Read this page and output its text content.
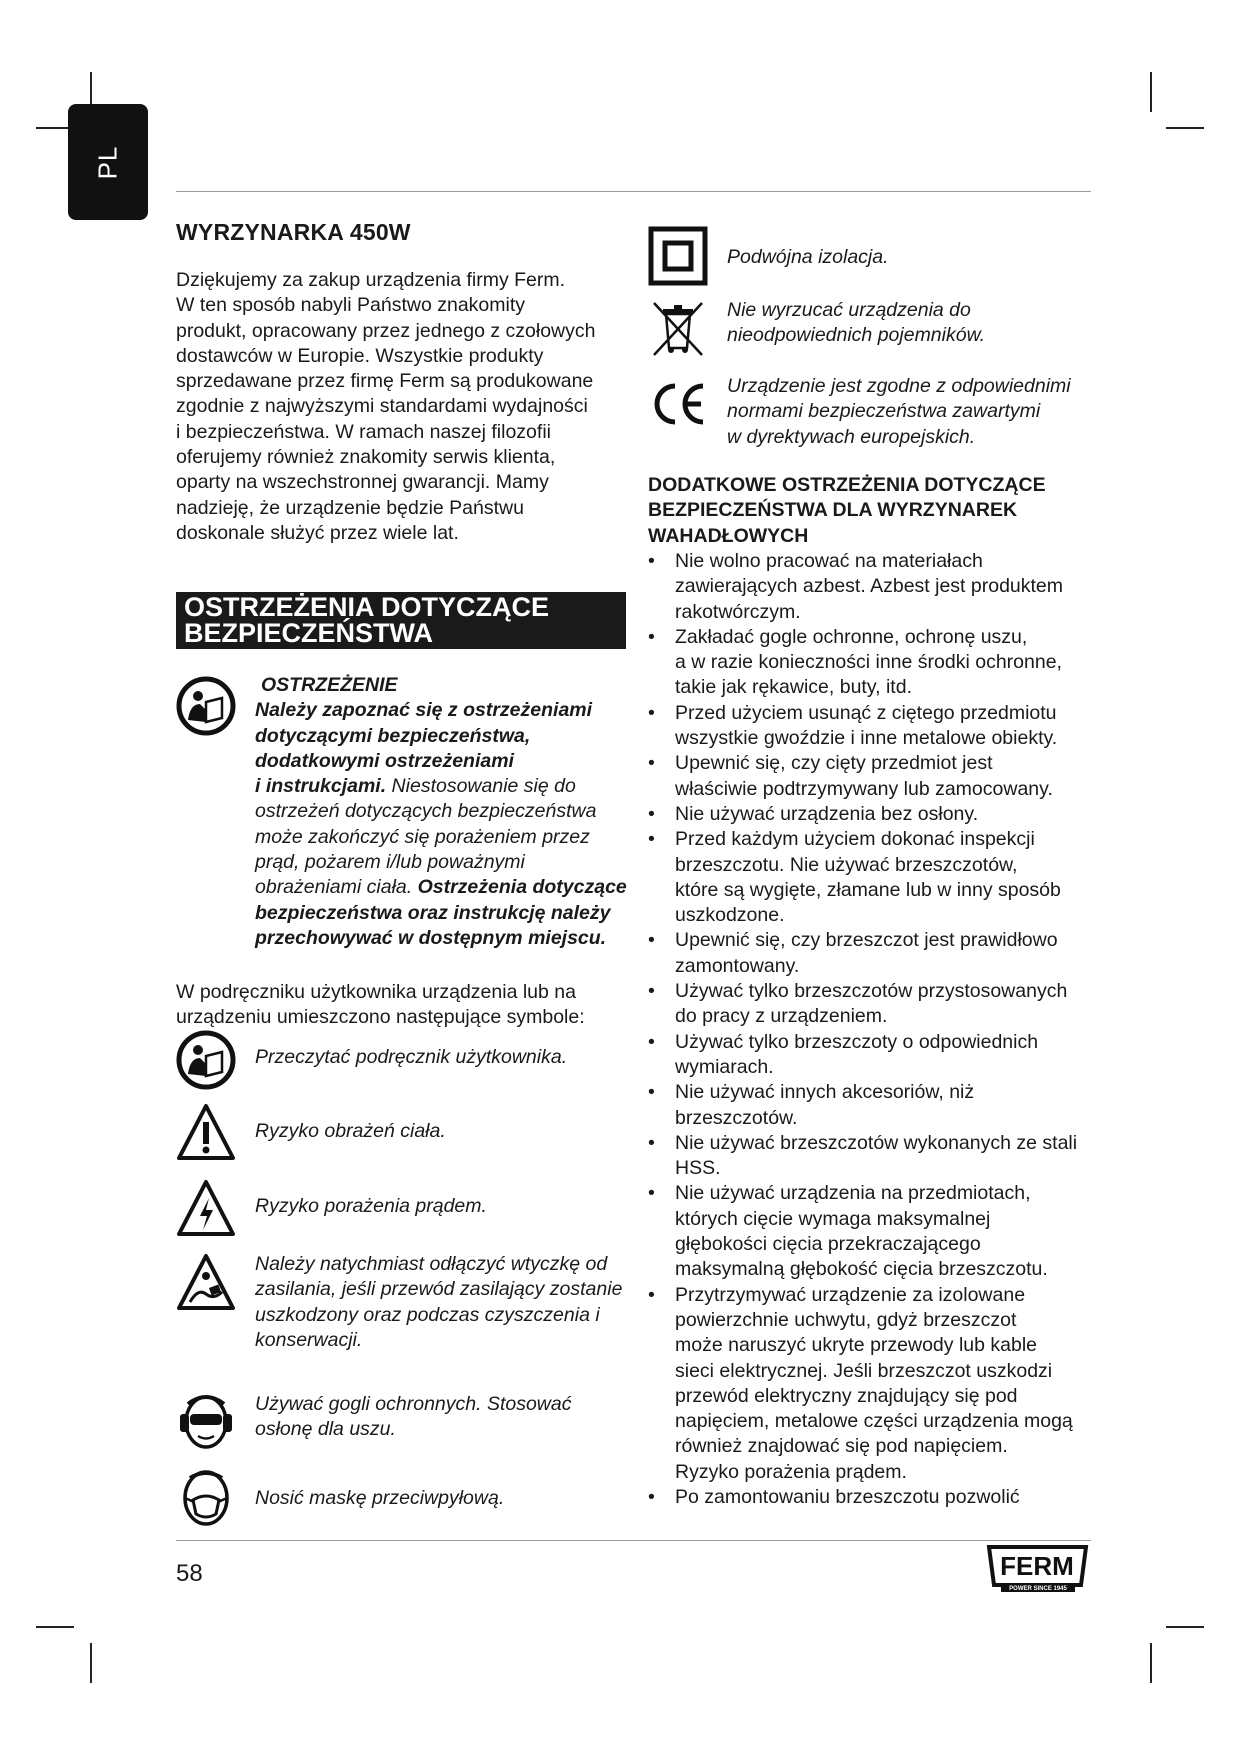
PL
WYRZYNARKA 450W

Dziękujemy za zakup urządzenia firmy Ferm.

W ten sposób nabyli Państwo znakomity

produkt, opracowany przez jednego z czołowych

dostawców w Europie. Wszystkie produkty

sprzedawane przez firmę Ferm są produkowane

zgodnie z najwyższymi standardami wydajności

i bezpieczeństwa. W ramach naszej filozofii

oferujemy również znakomity serwis klienta,

oparty na wszechstronnej gwarancji. Mamy

nadzieję, że urządzenie będzie Państwu

doskonale służyć przez wiele lat.

OSTRZEŻENIA DOTYCZĄCE
BEZPIECZEŃSTWA
OSTRZEŻENIE
Należy zapoznać się z ostrzeżeniami
dotyczącymi bezpieczeństwa,
dodatkowymi ostrzeżeniami
i instrukcjami. Niestosowanie się do
ostrzeżeń dotyczących bezpieczeństwa
może zakończyć się porażeniem przez
prąd, pożarem i/lub poważnymi
obrażeniami ciała. Ostrzeżenia dotyczące
bezpieczeństwa oraz instrukcję należy
przechowywać w dostępnym miejscu.
W podręczniku użytkownika urządzenia lub na
urządzeniu umieszczono następujące symbole:
Przeczytać podręcznik użytkownika.
Ryzyko obrażeń ciała.
Ryzyko porażenia prądem.
Należy natychmiast odłączyć wtyczkę od
zasilania, jeśli przewód zasilający zostanie
uszkodzony oraz podczas czyszczenia i
konserwacji.
Używać gogli ochronnych. Stosować
osłonę dla uszu.
Nosić maskę przeciwpyłową.
Podwójna izolacja.
Nie wyrzucać urządzenia do
nieodpowiednich pojemników.
Urządzenie jest zgodne z odpowiednimi
normami bezpieczeństwa zawartymi
w dyrektywach europejskich.
DODATKOWE OSTRZEŻENIA DOTYCZĄCE
BEZPIECZEŃSTWA DLA WYRZYNAREK
WAHADŁOWYCH
• Nie wolno pracować na materiałach
zawierających azbest. Azbest jest produktem
rakotwórczym.
• Zakładać gogle ochronne, ochronę uszu,
a w razie konieczności inne środki ochronne,
takie jak rękawice, buty, itd.
• Przed użyciem usunąć z ciętego przedmiotu
wszystkie gwoździe i inne metalowe obiekty.
• Upewnić się, czy cięty przedmiot jest
właściwie podtrzymywany lub zamocowany.
• Nie używać urządzenia bez osłony.
• Przed każdym użyciem dokonać inspekcji
brzeszczotu. Nie używać brzeszczotów,
które są wygięte, złamane lub w inny sposób
uszkodzone.
• Upewnić się, czy brzeszczot jest prawidłowo
zamontowany.
• Używać tylko brzeszczotów przystosowanych
do pracy z urządzeniem.
• Używać tylko brzeszczoty o odpowiednich
wymiarach.
• Nie używać innych akcesoriów, niż
brzeszczotów.
• Nie używać brzeszczotów wykonanych ze stali
HSS.
• Nie używać urządzenia na przedmiotach,
których cięcie wymaga maksymalnej
głębokości cięcia przekraczającego
maksymalną głębokość cięcia brzeszczotu.
• Przytrzymywać urządzenie za izolowane
powierzchnie uchwytu, gdyż brzeszczot
może naruszyć ukryte przewody lub kable
sieci elektrycznej. Jeśli brzeszczot uszkodzi
przewód elektryczny znajdujący się pod
napięciem, metalowe części urządzenia mogą
również znajdować się pod napięciem.
Ryzyko porażenia prądem.
• Po zamontowaniu brzeszczotu pozwolić
58	FERM
POWER SINCE 1945
